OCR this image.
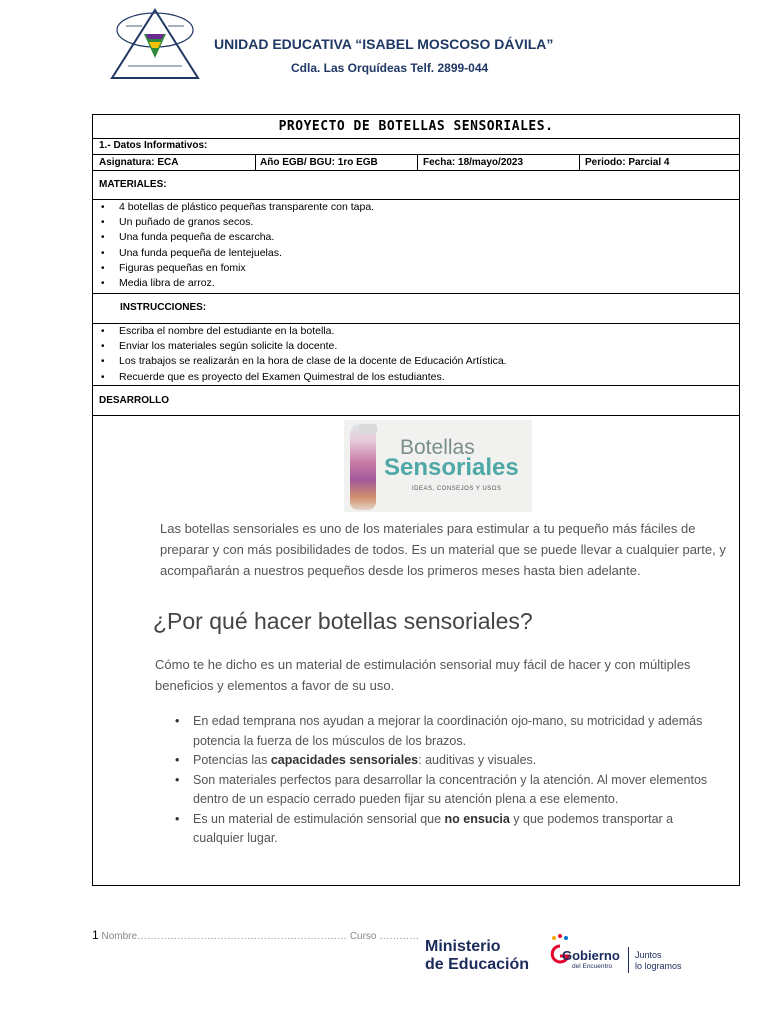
UNIDAD EDUCATIVA “ISABEL MOSCOSO DÁVILA”
Cdla. Las Orquídeas Telf. 2899-044
PROYECTO DE BOTELLAS SENSORIALES.
1.- Datos Informativos:
Asignatura: ECA	Año EGB/ BGU: 1ro EGB	Fecha: 18/mayo/2023	Periodo: Parcial 4
MATERIALES:
• 4 botellas de plástico pequeñas transparente con tapa.
• Un puñado de granos secos.
• Una funda pequeña de escarcha.
• Una funda pequeña de lentejuelas.
• Figuras pequeñas en fomix
• Media libra de arroz.
INSTRUCCIONES:
• Escriba el nombre del estudiante en la botella.
• Enviar los materiales según solicite la docente.
• Los trabajos se realizarán en la hora de clase de la docente de Educación Artística.
• Recuerde que es proyecto del Examen Quimestral de los estudiantes.
DESARROLLO
Botellas
Sensoriales
IDEAS, CONSEJOS Y USOS
Las botellas sensoriales es uno de los materiales para estimular a tu pequeño más fáciles de preparar y con más posibilidades de todos. Es un material que se puede llevar a cualquier parte, y acompañarán a nuestros pequeños desde los primeros meses hasta bien adelante.
¿Por qué hacer botellas sensoriales?
Cómo te he dicho es un material de estimulación sensorial muy fácil de hacer y con múltiples beneficios y elementos a favor de su uso.
• En edad temprana nos ayudan a mejorar la coordinación ojo-mano, su motricidad y además potencia la fuerza de los músculos de los brazos.
• Potencias las capacidades sensoriales: auditivas y visuales.
• Son materiales perfectos para desarrollar la concentración y la atención. Al mover elementos dentro de un espacio cerrado pueden fijar su atención plena a ese elemento.
• Es un material de estimulación sensorial que no ensucia y que podemos transportar a cualquier lugar.
1 Nombre……………………………………………………… Curso …………
Ministerio
de Educación
Gobierno
del Encuentro
Juntos
lo logramos
